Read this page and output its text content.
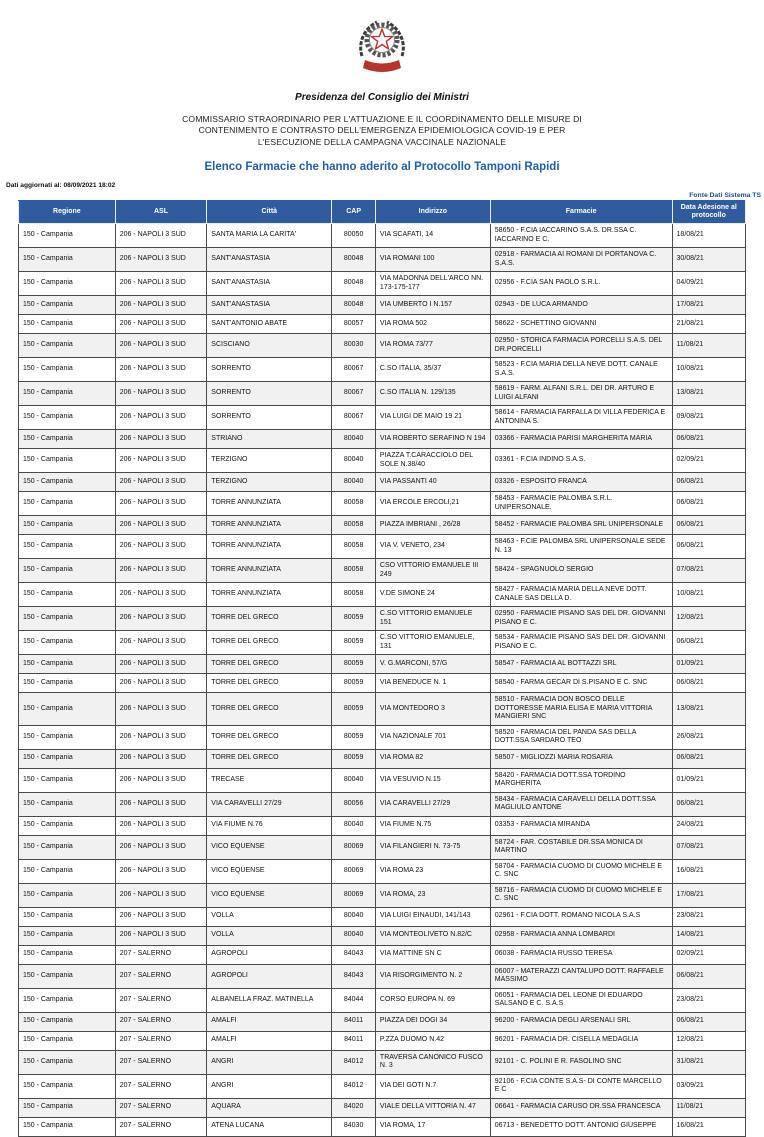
Presidenza del Consiglio dei Ministri
COMMISSARIO STRAORDINARIO PER L'ATTUAZIONE E IL COORDINAMENTO DELLE MISURE DI
CONTENIMENTO E CONTRASTO DELL'EMERGENZA EPIDEMIOLOGICA COVID-19 E PER
L'ESECUZIONE DELLA CAMPAGNA VACCINALE NAZIONALE
Elenco Farmacie che hanno aderito al Protocollo Tamponi Rapidi
Dati aggiornati al: 08/09/2021 18:02
Fonte Dati Sistema TS
Regione	ASL	Città	CAP	Indirizzo	Farmacie	Data Adesione al protocollo
150 - Campania	206 - NAPOLI 3 SUD	SANTA MARIA LA CARITA'	80050	VIA SCAFATI, 14	58650 - F.CIA IACCARINO S.A.S. DR.SSA C. IACCARINO E C.	18/08/21
150 - Campania	206 - NAPOLI 3 SUD	SANT'ANASTASIA	80048	VIA ROMANI 100	02918 - FARMACIA AI ROMANI DI PORTANOVA C. S.A.S.	30/08/21
150 - Campania	206 - NAPOLI 3 SUD	SANT'ANASTASIA	80048	VIA MADONNA DELL'ARCO NN. 173-175-177	02956 - F.CIA SAN PAOLO S.R.L.	04/09/21
150 - Campania	206 - NAPOLI 3 SUD	SANT'ANASTASIA	80048	VIA UMBERTO I N.157	02943 - DE LUCA ARMANDO	17/08/21
150 - Campania	206 - NAPOLI 3 SUD	SANT'ANTONIO ABATE	80057	VIA ROMA 502	58622 - SCHETTINO GIOVANNI	21/08/21
150 - Campania	206 - NAPOLI 3 SUD	SCISCIANO	80030	VIA ROMA 73/77	02950 - STORICA FARMACIA PORCELLI S.A.S. DEL DR.PORCELLI	11/08/21
150 - Campania	206 - NAPOLI 3 SUD	SORRENTO	80067	C.SO ITALIA, 35/37	58523 - F.CIA MARIA DELLA NEVE DOTT. CANALE S.A.S.	10/08/21
150 - Campania	206 - NAPOLI 3 SUD	SORRENTO	80067	C.SO ITALIA N. 129/135	58619 - FARM. ALFANI S.R.L. DEI DR. ARTURO E LUIGI ALFANI	13/08/21
150 - Campania	206 - NAPOLI 3 SUD	SORRENTO	80067	VIA LUIGI DE MAIO 19 21	58614 - FARMACIA FARFALLA DI VILLA FEDERICA E ANTONINA S.	09/08/21
150 - Campania	206 - NAPOLI 3 SUD	STRIANO	80040	VIA ROBERTO SERAFINO N 194	03366 - FARMACIA PARISI MARGHERITA MARIA	06/08/21
150 - Campania	206 - NAPOLI 3 SUD	TERZIGNO	80040	PIAZZA T.CARACCIOLO DEL SOLE N.38/40	03361 - F.CIA INDINO S.A.S.	02/09/21
150 - Campania	206 - NAPOLI 3 SUD	TERZIGNO	80040	VIA PASSANTI 40	03326 - ESPOSITO FRANCA	06/08/21
150 - Campania	206 - NAPOLI 3 SUD	TORRE ANNUNZIATA	80058	VIA ERCOLE ERCOLI,21	58453 - FARMACIE PALOMBA S.R.L. UNIPERSONALE.	06/08/21
150 - Campania	206 - NAPOLI 3 SUD	TORRE ANNUNZIATA	80058	PIAZZA IMBRIANI , 26/28	58452 - FARMACIE PALOMBA SRL UNIPERSONALE	06/08/21
150 - Campania	206 - NAPOLI 3 SUD	TORRE ANNUNZIATA	80058	VIA V. VENETO, 234	58463 - F.CIE PALOMBA SRL UNIPERSONALE SEDE N. 13	06/08/21
150 - Campania	206 - NAPOLI 3 SUD	TORRE ANNUNZIATA	80058	CSO VITTORIO EMANUELE III 249	58424 - SPAGNUOLO SERGIO	07/08/21
150 - Campania	206 - NAPOLI 3 SUD	TORRE ANNUNZIATA	80058	V.DE SIMONE 24	58427 - FARMACIA MARIA DELLA NEVE DOTT. CANALE SAS DELLA D.	10/08/21
150 - Campania	206 - NAPOLI 3 SUD	TORRE DEL GRECO	80059	C.SO VITTORIO EMANUELE 151	02950 - FARMACIE PISANO SAS DEL DR. GIOVANNI PISANO E C.	12/08/21
150 - Campania	206 - NAPOLI 3 SUD	TORRE DEL GRECO	80059	C.SO VITTORIO EMANUELE, 131	58534 - FARMACIE PISANO SAS DEL DR. GIOVANNI PISANO E C.	06/08/21
150 - Campania	206 - NAPOLI 3 SUD	TORRE DEL GRECO	80059	V. G.MARCONI, 57/G	58547 - FARMACIA AL BOTTAZZI SRL	01/09/21
150 - Campania	206 - NAPOLI 3 SUD	TORRE DEL GRECO	80059	VIA BENEDUCE N. 1	58540 - FARMA GECAR DI S.PISANO E C. SNC	06/08/21
150 - Campania	206 - NAPOLI 3 SUD	TORRE DEL GRECO	80059	VIA MONTEDORO 3	58510 - FARMACIA DON BOSCO DELLE DOTTORESSE MARIA ELISA E MARIA VITTORIA MANGIERI SNC	13/08/21
150 - Campania	206 - NAPOLI 3 SUD	TORRE DEL GRECO	80059	VIA NAZIONALE 701	58520 - FARMACIA DEL PANDA SAS DELLA DOTT.SSA SARDARO TEO	26/08/21
150 - Campania	206 - NAPOLI 3 SUD	TORRE DEL GRECO	80059	VIA ROMA 82	58507 - MIGLIOZZI MARIA ROSARIA	06/08/21
150 - Campania	206 - NAPOLI 3 SUD	TRECASE	80040	VIA VESUVIO N.15	58420 - FARMACIA DOTT.SSA TORDINO MARGHERITA	01/09/21
150 - Campania	206 - NAPOLI 3 SUD	VIA CARAVELLI 27/29	80056	VIA CARAVELLI 27/29	58434 - FARMACIA CARAVELLI DELLA DOTT.SSA MAGLIULO ANTONE	06/08/21
150 - Campania	206 - NAPOLI 3 SUD	VIA FIUME N.76	80040	VIA FIUME N.75	03353 - FARMACIA MIRANDA	24/08/21
150 - Campania	206 - NAPOLI 3 SUD	VICO EQUENSE	80069	VIA FILANGIERI N. 73-75	58724 - FAR. COSTABILE DR.SSA MONICA DI MARTINO	07/08/21
150 - Campania	206 - NAPOLI 3 SUD	VICO EQUENSE	80069	VIA ROMA 23	58704 - FARMACIA CUOMO DI CUOMO MICHELE E C. SNC	16/08/21
150 - Campania	206 - NAPOLI 3 SUD	VICO EQUENSE	80069	VIA ROMA, 23	58716 - FARMACIA CUOMO DI CUOMO MICHELE E C. SNC	17/08/21
150 - Campania	206 - NAPOLI 3 SUD	VOLLA	80040	VIA LUIGI EINAUDI, 141/143	02961 - F.CIA DOTT. ROMANO NICOLA S.A.S	23/08/21
150 - Campania	206 - NAPOLI 3 SUD	VOLLA	80040	VIA MONTEOLIVETO N.82/C	02958 - FARMACIA ANNA LOMBARDI	14/08/21
150 - Campania	207 - SALERNO	AGROPOLI	84043	VIA MATTINE SN C	06038 - FARMACIA RUSSO TERESA	02/09/21
150 - Campania	207 - SALERNO	AGROPOLI	84043	VIA RISORGIMENTO N. 2	06007 - MATERAZZI CANTALUPO DOTT. RAFFAELE MASSIMO	06/08/21
150 - Campania	207 - SALERNO	ALBANELLA FRAZ. MATINELLA	84044	CORSO EUROPA N. 69	06051 - FARMACIA DEL LEONE DI EDUARDO SALSANO E C. S.A.S	23/08/21
150 - Campania	207 - SALERNO	AMALFI	84011	PIAZZA DEI DOGI 34	96200 - FARMACIA DEGLI ARSENALI SRL	06/08/21
150 - Campania	207 - SALERNO	AMALFI	84011	P.ZZA DUOMO N.42	96201 - FARMACIA DR. CISELLA MEDAGLIA	12/08/21
150 - Campania	207 - SALERNO	ANGRI	84012	TRAVERSA CANONICO FUSCO N. 3	92101 - C. POLINI E R. FASOLINO SNC	31/08/21
150 - Campania	207 - SALERNO	ANGRI	84012	VIA DEI GOTI N.7	92106 - F.CIA CONTE S.A.S- DI CONTE MARCELLO E C	03/09/21
150 - Campania	207 - SALERNO	AQUARA	84020	VIALE DELLA VITTORIA N. 47	06641 - FARMACIA CARUSO DR.SSA FRANCESCA	11/08/21
150 - Campania	207 - SALERNO	ATENA LUCANA	84030	VIA ROMA, 17	06713 - BENEDETTO DOTT. ANTONIO GIUSEPPE	16/08/21
